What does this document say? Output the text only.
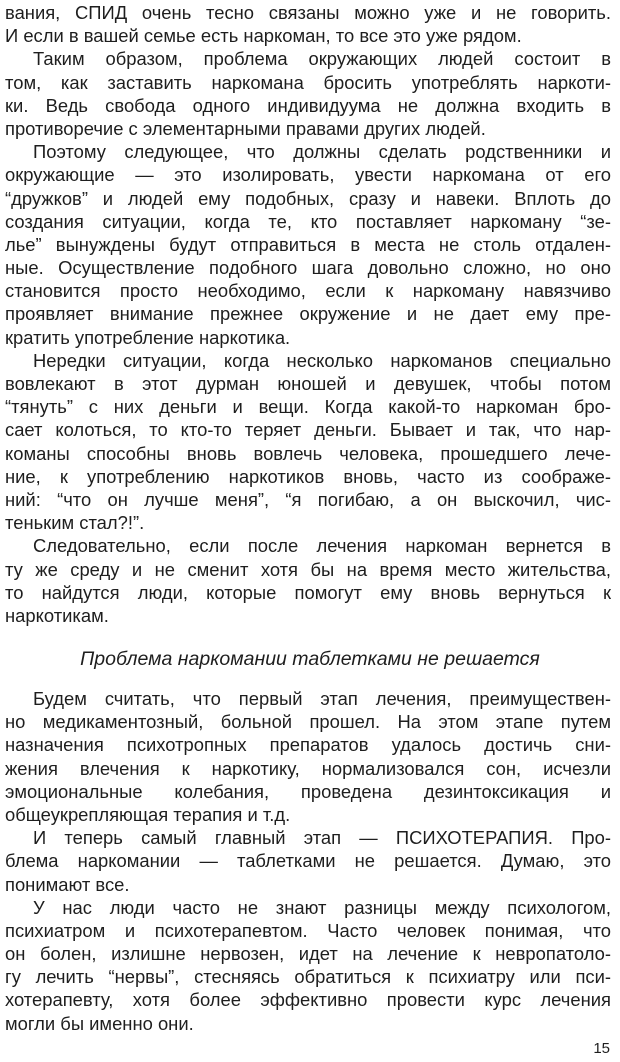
вания, СПИД очень тесно связаны можно уже и не говорить.
И если в вашей семье есть наркоман, то все это уже рядом.
Таким образом, проблема окружающих людей состоит в
том, как заставить наркомана бросить употреблять наркоти-
ки. Ведь свобода одного индивидуума не должна входить в
противоречие с элементарными правами других людей.
Поэтому следующее, что должны сделать родственники и
окружающие — это изолировать, увести наркомана от его
“дружков” и людей ему подобных, сразу и навеки. Вплоть до
создания ситуации, когда те, кто поставляет наркоману “зе-
лье” вынуждены будут отправиться в места не столь отдален-
ные. Осуществление подобного шага довольно сложно, но оно
становится просто необходимо, если к наркоману навязчиво
проявляет внимание прежнее окружение и не дает ему пре-
кратить употребление наркотика.
Нередки ситуации, когда несколько наркоманов специально
вовлекают в этот дурман юношей и девушек, чтобы потом
“тянуть” с них деньги и вещи. Когда какой-то наркоман бро-
сает колоться, то кто-то теряет деньги. Бывает и так, что нар-
команы способны вновь вовлечь человека, прошедшего лече-
ние, к употреблению наркотиков вновь, часто из соображе-
ний: “что он лучше меня”, “я погибаю, а он выскочил, чис-
теньким стал?!”.
Следовательно, если после лечения наркоман вернется в
ту же среду и не сменит хотя бы на время место жительства,
то найдутся люди, которые помогут ему вновь вернуться к
наркотикам.
Проблема наркомании таблетками не решается
Будем считать, что первый этап лечения, преимуществен-
но медикаментозный, больной прошел. На этом этапе путем
назначения психотропных препаратов удалось достичь сни-
жения влечения к наркотику, нормализовался сон, исчезли
эмоциональные колебания, проведена дезинтоксикация и
общеукрепляющая терапия и т.д.
И теперь самый главный этап — ПСИХОТЕРАПИЯ. Про-
блема наркомании — таблетками не решается. Думаю, это
понимают все.
У нас люди часто не знают разницы между психологом,
психиатром и психотерапевтом. Часто человек понимая, что
он болен, излишне нервозен, идет на лечение к невропатоло-
гу лечить “нервы”, стесняясь обратиться к психиатру или пси-
хотерапевту, хотя более эффективно провести курс лечения
могли бы именно они.
15
